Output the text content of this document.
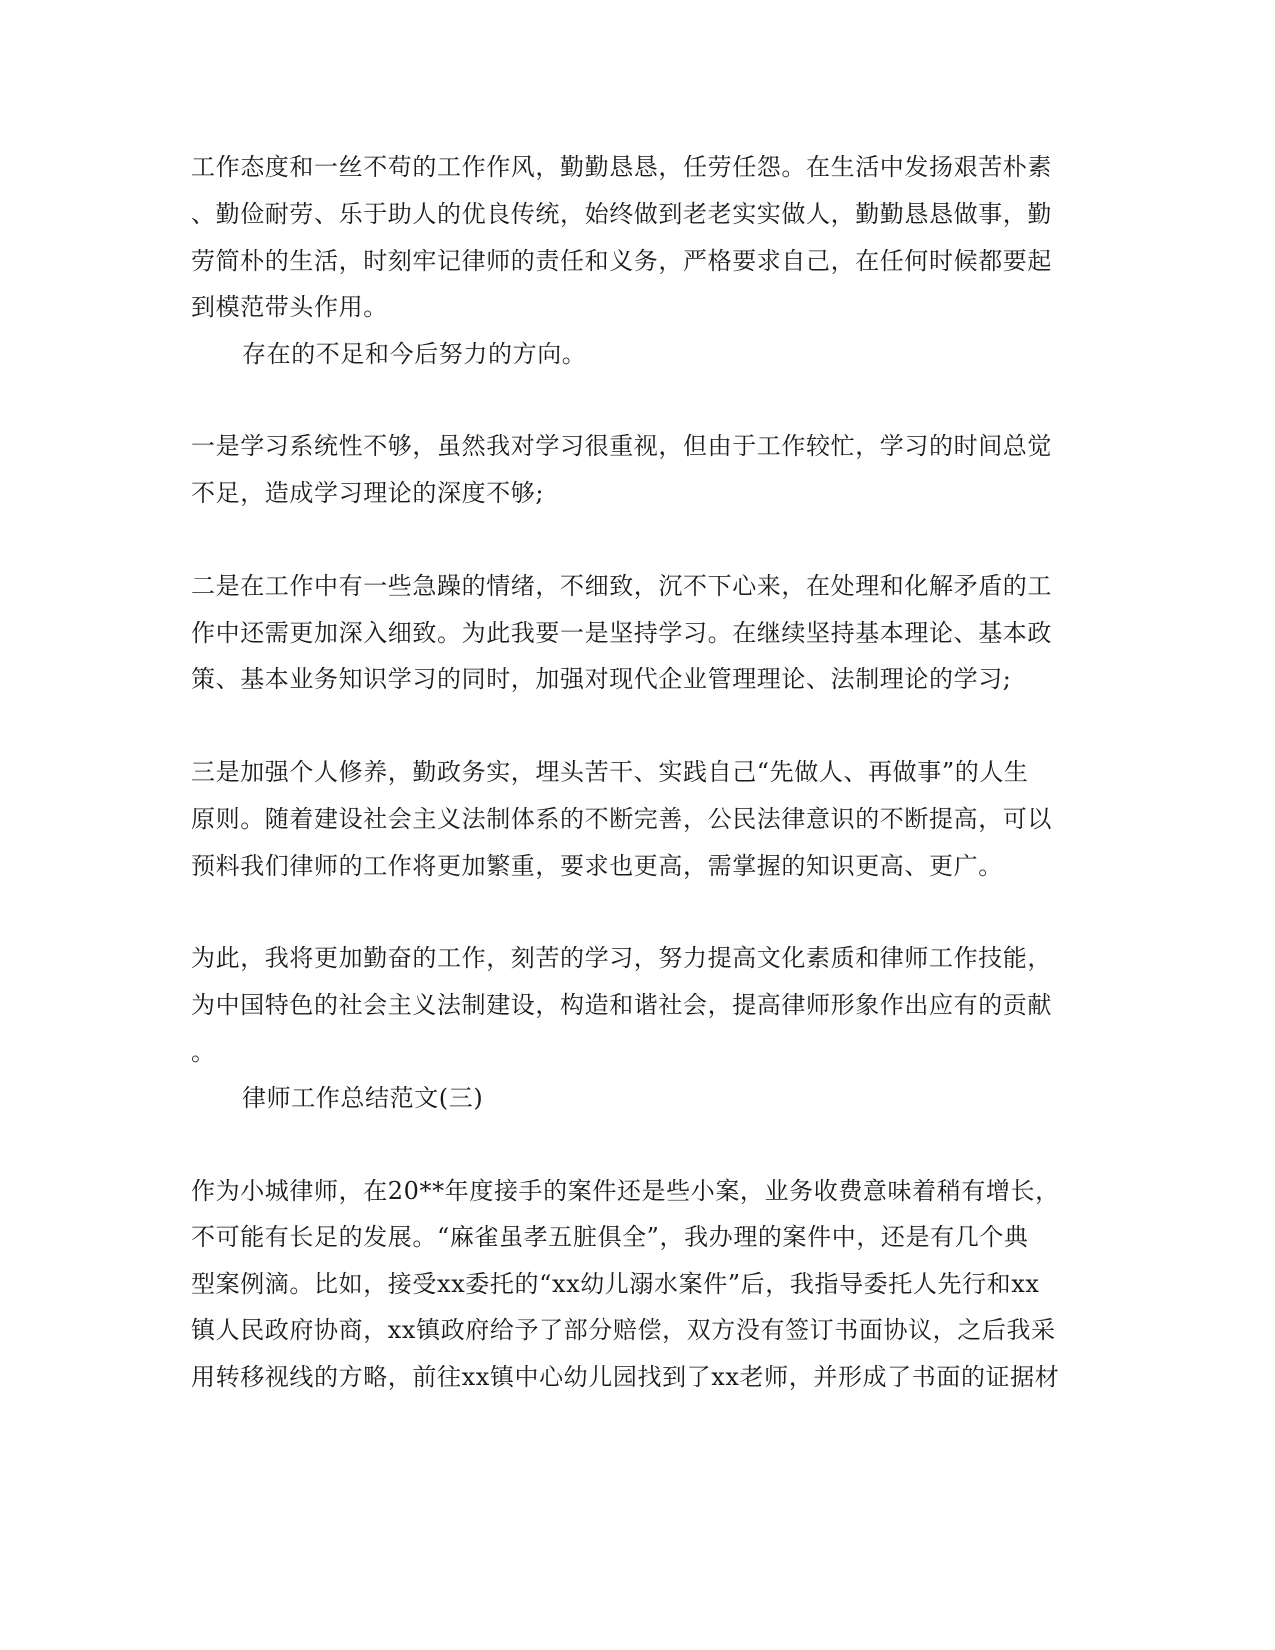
工作态度和一丝不苟的工作作风，勤勤恳恳，任劳任怨。在生活中发扬艰苦朴素
、勤俭耐劳、乐于助人的优良传统，始终做到老老实实做人，勤勤恳恳做事，勤
劳简朴的生活，时刻牢记律师的责任和义务，严格要求自己，在任何时候都要起
到模范带头作用。
存在的不足和今后努力的方向。
一是学习系统性不够，虽然我对学习很重视，但由于工作较忙，学习的时间总觉
不足，造成学习理论的深度不够;
二是在工作中有一些急躁的情绪，不细致，沉不下心来，在处理和化解矛盾的工
作中还需更加深入细致。为此我要一是坚持学习。在继续坚持基本理论、基本政
策、基本业务知识学习的同时，加强对现代企业管理理论、法制理论的学习;
三是加强个人修养，勤政务实，埋头苦干、实践自己“先做人、再做事”的人生
原则。随着建设社会主义法制体系的不断完善，公民法律意识的不断提高，可以
预料我们律师的工作将更加繁重，要求也更高，需掌握的知识更高、更广。
为此，我将更加勤奋的工作，刻苦的学习，努力提高文化素质和律师工作技能，
为中国特色的社会主义法制建设，构造和谐社会，提高律师形象作出应有的贡献
。
律师工作总结范文(三)
作为小城律师，在20**年度接手的案件还是些小案，业务收费意味着稍有增长，
不可能有长足的发展。“麻雀虽孝五脏俱全”，我办理的案件中，还是有几个典
型案例滴。比如，接受xx委托的“xx幼儿溺水案件”后，我指导委托人先行和xx
镇人民政府协商，xx镇政府给予了部分赔偿，双方没有签订书面协议，之后我采
用转移视线的方略，前往xx镇中心幼儿园找到了xx老师，并形成了书面的证据材
